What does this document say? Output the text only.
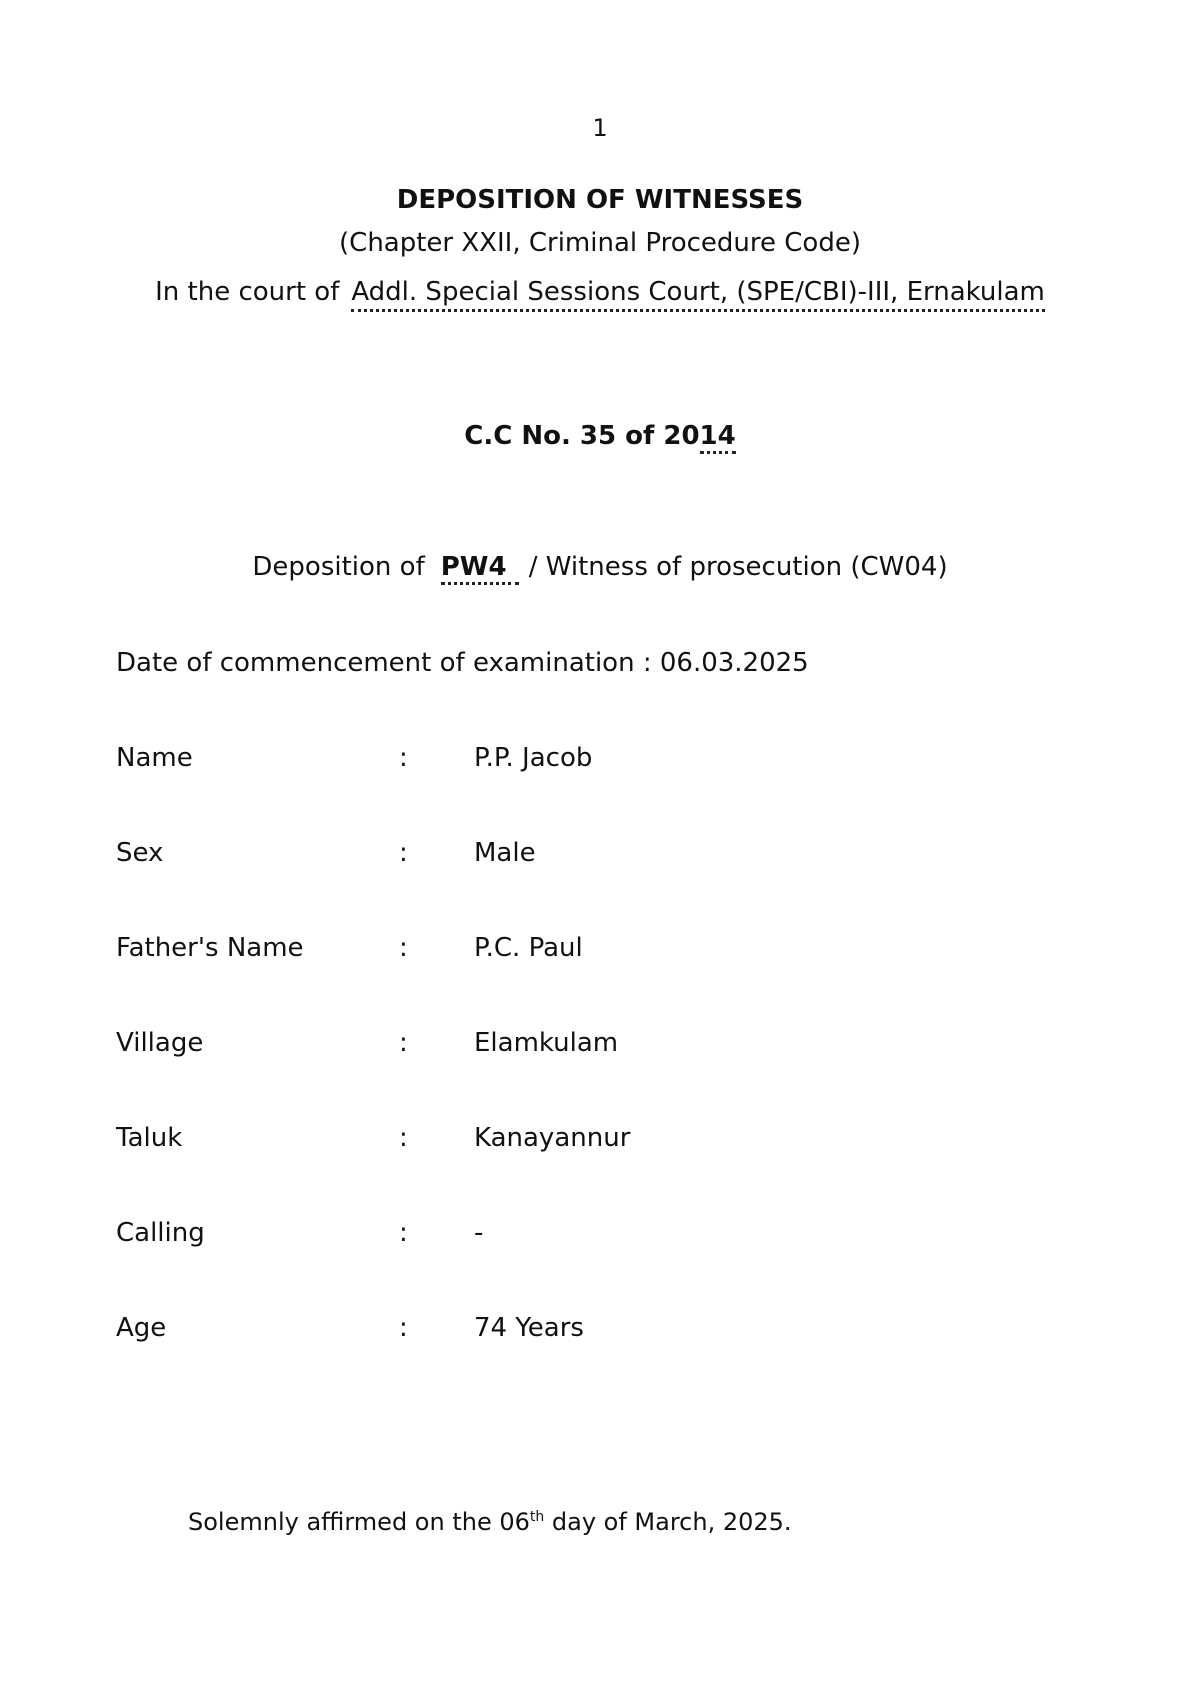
1
DEPOSITION OF WITNESSES
(Chapter XXII, Criminal Procedure Code)
In the court of Addl. Special Sessions Court, (SPE/CBI)-III, Ernakulam
C.C No. 35 of 2014
Deposition of PW4 / Witness of prosecution (CW04)
Date of commencement of examination : 06.03.2025
Name	:	P.P. Jacob
Sex	:	Male
Father's Name	:	P.C. Paul
Village	:	Elamkulam
Taluk	:	Kanayannur
Calling	:	-
Age	:	74 Years
Solemnly affirmed on the 06th day of March, 2025.
